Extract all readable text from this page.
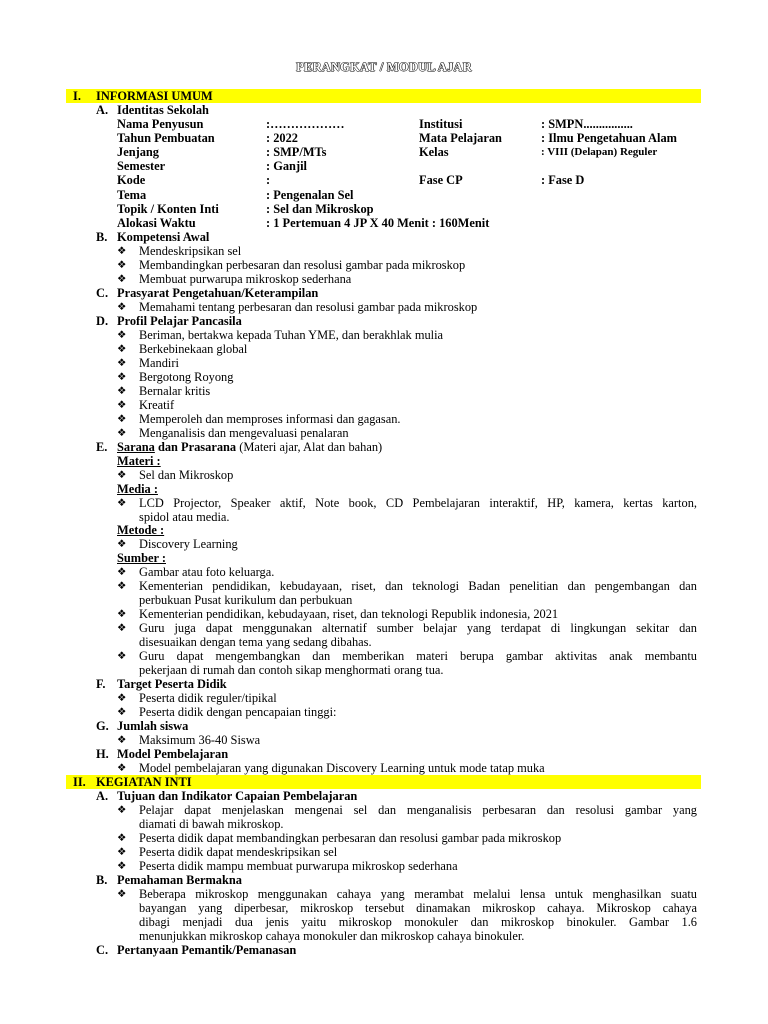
PERANGKAT / MODUL AJAR
I. INFORMASI UMUM
A. Identitas Sekolah
Nama Penyusun	:………………	Institusi	: SMPN................
Tahun Pembuatan	: 2022	Mata Pelajaran	: Ilmu Pengetahuan Alam
Jenjang	: SMP/MTs	Kelas	: VIII (Delapan) Reguler
Semester	: Ganjil
Kode	:	Fase CP	: Fase D
Tema	: Pengenalan Sel
Topik / Konten Inti	: Sel dan Mikroskop
Alokasi Waktu	: 1 Pertemuan 4 JP X 40 Menit : 160Menit
B. Kompetensi Awal
❖ Mendeskripsikan sel
❖ Membandingkan perbesaran dan resolusi gambar pada mikroskop
❖ Membuat purwarupa mikroskop sederhana
C. Prasyarat Pengetahuan/Keterampilan
❖ Memahami tentang perbesaran dan resolusi gambar pada mikroskop
D. Profil Pelajar Pancasila
❖ Beriman, bertakwa kepada Tuhan YME, dan berakhlak mulia
❖ Berkebinekaan global
❖ Mandiri
❖ Bergotong Royong
❖ Bernalar kritis
❖ Kreatif
❖ Memperoleh dan memproses informasi dan gagasan.
❖ Menganalisis dan mengevaluasi penalaran
E. Sarana dan Prasarana (Materi ajar, Alat dan bahan)
Materi :
❖ Sel dan Mikroskop
Media :
❖ LCD Projector, Speaker aktif, Note book, CD Pembelajaran interaktif, HP, kamera, kertas karton,
spidol atau media.
Metode :
❖ Discovery Learning
Sumber :
❖ Gambar atau foto keluarga.
❖ Kementerian pendidikan, kebudayaan, riset, dan teknologi Badan penelitian dan pengembangan dan
perbukuan Pusat kurikulum dan perbukuan
❖ Kementerian pendidikan, kebudayaan, riset, dan teknologi Republik indonesia, 2021
❖ Guru juga dapat menggunakan alternatif sumber belajar yang terdapat di lingkungan sekitar dan
disesuaikan dengan tema yang sedang dibahas.
❖ Guru dapat mengembangkan dan memberikan materi berupa gambar aktivitas anak membantu
pekerjaan di rumah dan contoh sikap menghormati orang tua.
F. Target Peserta Didik
❖ Peserta didik reguler/tipikal
❖ Peserta didik dengan pencapaian tinggi:
G. Jumlah siswa
❖ Maksimum 36-40 Siswa
H. Model Pembelajaran
❖ Model pembelajaran yang digunakan Discovery Learning untuk mode tatap muka
II. KEGIATAN INTI
A. Tujuan dan Indikator Capaian Pembelajaran
❖ Pelajar dapat menjelaskan mengenai sel dan menganalisis perbesaran dan resolusi gambar yang
diamati di bawah mikroskop.
❖ Peserta didik dapat membandingkan perbesaran dan resolusi gambar pada mikroskop
❖ Peserta didik dapat mendeskripsikan sel
❖ Peserta didik mampu membuat purwarupa mikroskop sederhana
B. Pemahaman Bermakna
❖ Beberapa mikroskop menggunakan cahaya yang merambat melalui lensa untuk menghasilkan suatu
bayangan yang diperbesar, mikroskop tersebut dinamakan mikroskop cahaya. Mikroskop cahaya
dibagi menjadi dua jenis yaitu mikroskop monokuler dan mikroskop binokuler. Gambar 1.6
menunjukkan mikroskop cahaya monokuler dan mikroskop cahaya binokuler.
C. Pertanyaan Pemantik/Pemanasan
